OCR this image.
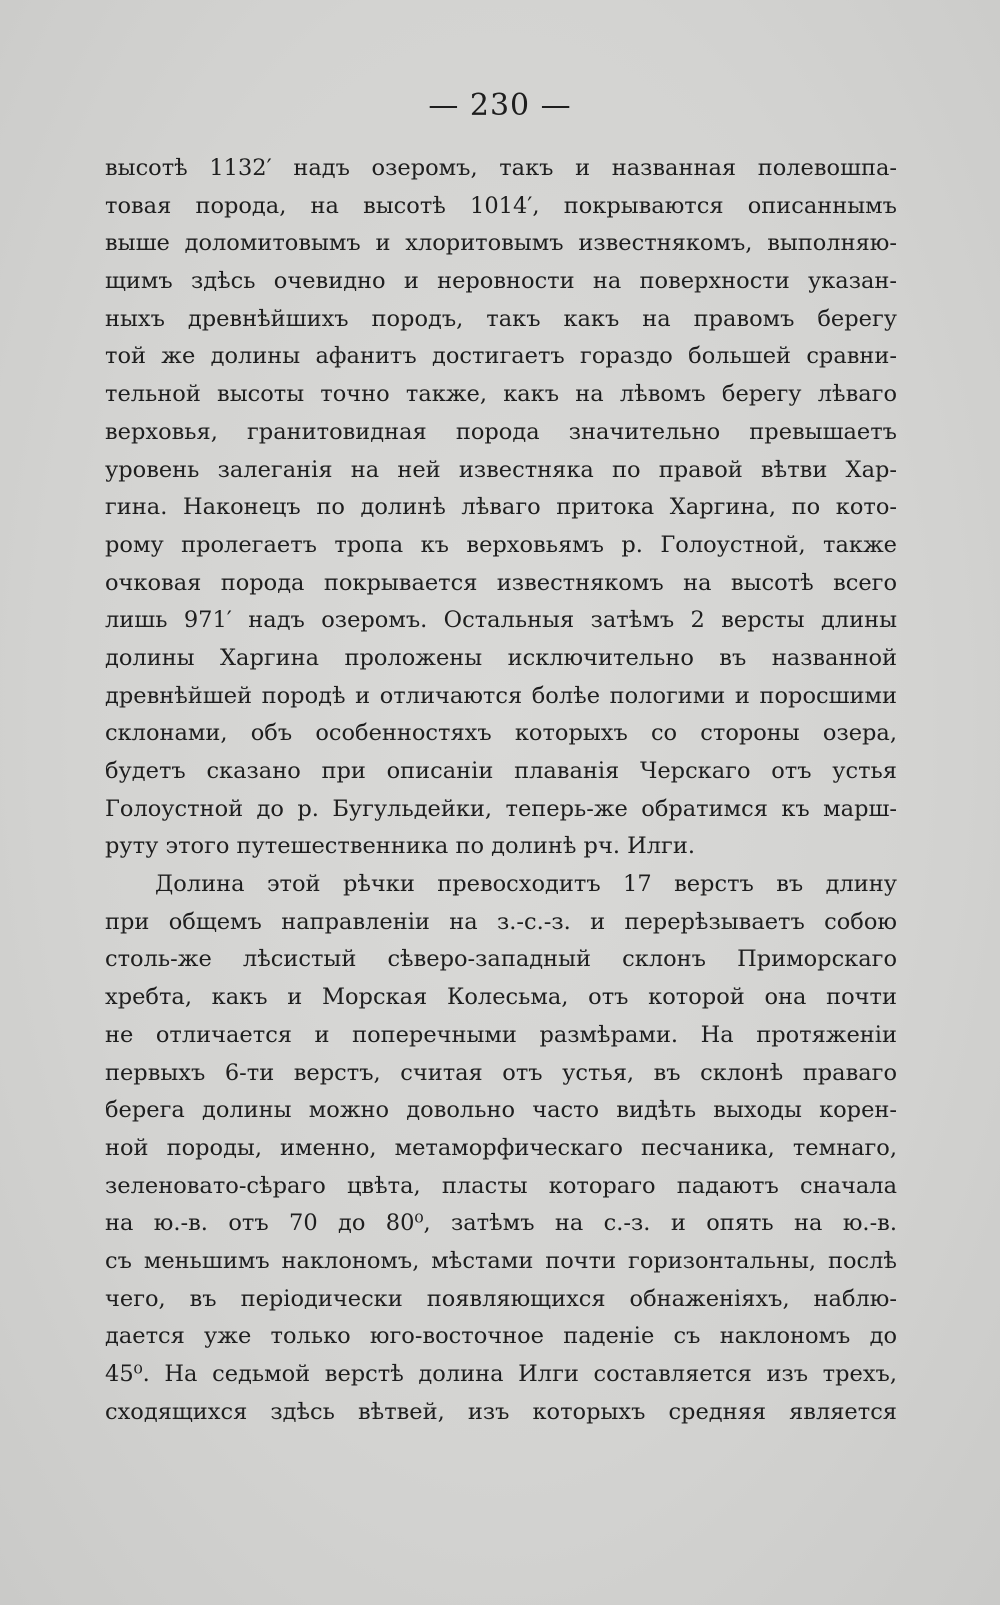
— 230 —
высотѣ 1132′ надъ озеромъ, такъ и названная полевошпа-
товая порода, на высотѣ 1014′, покрываются описаннымъ
выше доломитовымъ и хлоритовымъ известнякомъ, выполняю-
щимъ здѣсь очевидно и неровности на поверхности указан-
ныхъ древнѣйшихъ породъ, такъ какъ на правомъ берегу
той же долины афанитъ достигаетъ гораздо большей сравни-
тельной высоты точно также, какъ на лѣвомъ берегу лѣваго
верховья, гранитовидная порода значительно превышаетъ
уровень залеганія на ней известняка по правой вѣтви Хар-
гина. Наконецъ по долинѣ лѣваго притока Харгина, по кото-
рому пролегаетъ тропа къ верховьямъ р. Голоустной, также
очковая порода покрывается известнякомъ на высотѣ всего
лишь 971′ надъ озеромъ. Остальныя затѣмъ 2 версты длины
долины Харгина проложены исключительно въ названной
древнѣйшей породѣ и отличаются болѣе пологими и поросшими
склонами, объ особенностяхъ которыхъ со стороны озера,
будетъ сказано при описаніи плаванія Черскаго отъ устья
Голоустной до р. Бугульдейки, теперь-же обратимся къ марш-
руту этого путешественника по долинѣ рч. Илги.
Долина этой рѣчки превосходитъ 17 верстъ въ длину
при общемъ направленіи на з.-с.-з. и перерѣзываетъ собою
столь-же лѣсистый сѣверо-западный склонъ Приморскаго
хребта, какъ и Морская Колесьма, отъ которой она почти
не отличается и поперечными размѣрами. На протяженіи
первыхъ 6-ти верстъ, считая отъ устья, въ склонѣ праваго
берега долины можно довольно часто видѣть выходы корен-
ной породы, именно, метаморфическаго песчаника, темнаго,
зеленовато-сѣраго цвѣта, пласты котораго падаютъ сначала
на ю.-в. отъ 70 до 80⁰, затѣмъ на с.-з. и опять на ю.-в.
съ меньшимъ наклономъ, мѣстами почти горизонтальны, послѣ
чего, въ періодически появляющихся обнаженіяхъ, наблю-
дается уже только юго-восточное паденіе съ наклономъ до
45⁰. На седьмой верстѣ долина Илги составляется изъ трехъ,
сходящихся здѣсь вѣтвей, изъ которыхъ средняя является
